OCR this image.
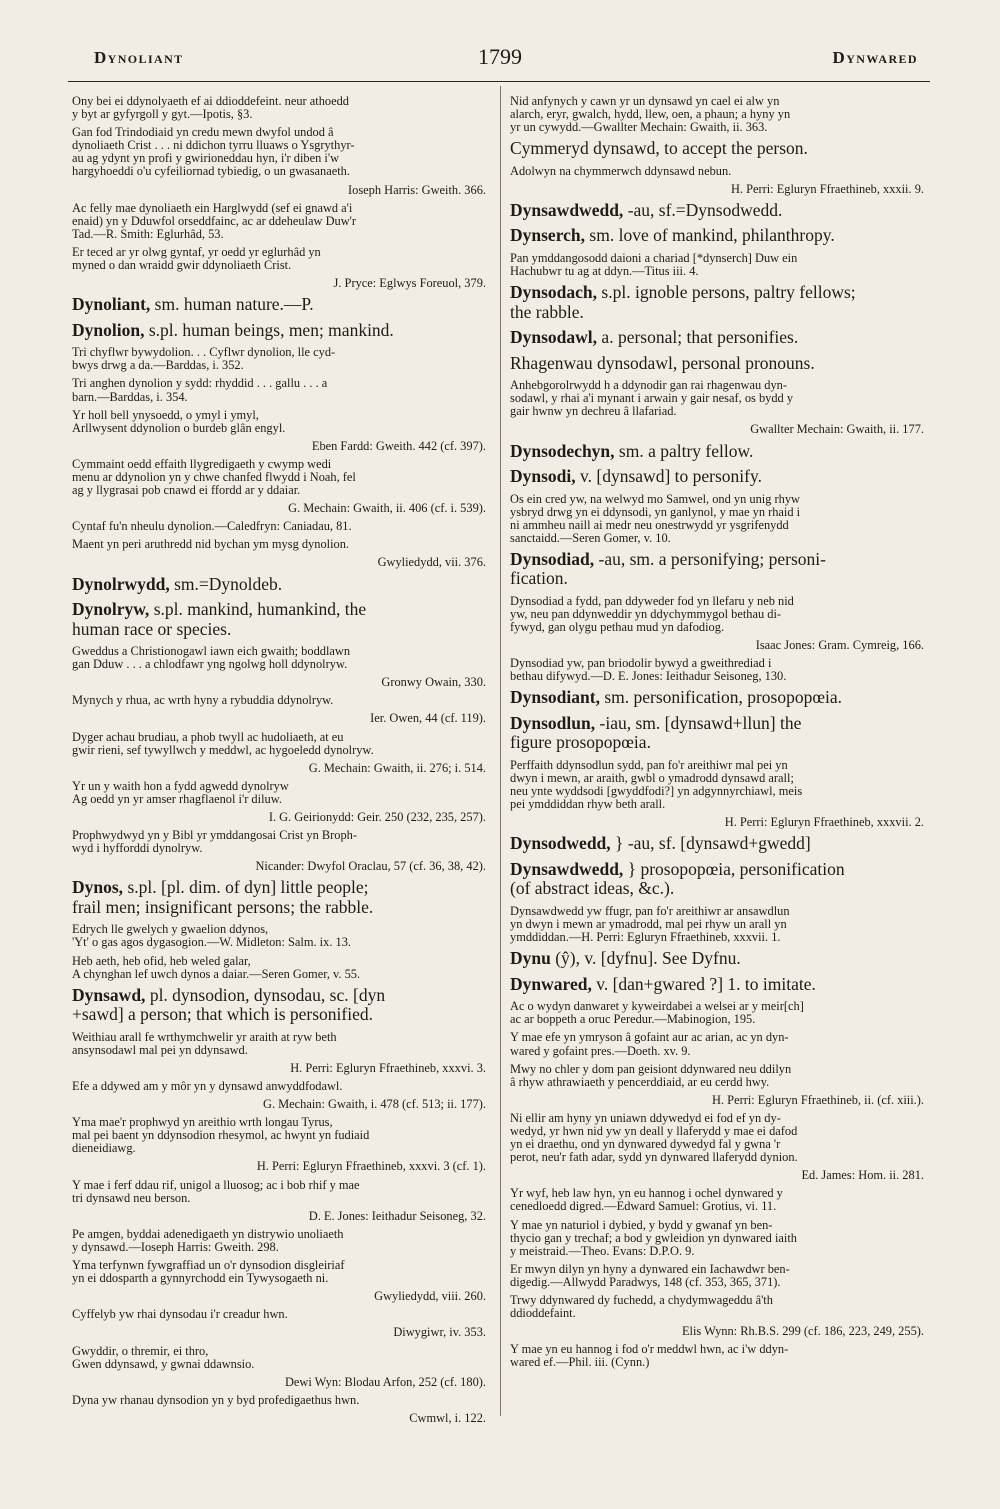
Dynoliant	1799	Dynwared

Ony bei ei ddynolyaeth ef ai ddioddefeint. neur athoedd
y byt ar gyfyrgoll y gyt.—Ipotis, §3.

Gan fod Trindodiaid yn credu mewn dwyfol undod â
dynoliaeth Crist . . . ni ddichon tyrru lluaws o Ysgrythyr-
au ag ydynt yn profi y gwirioneddau hyn, i'r diben i'w
hargyhoeddi o'u cyfeiliornad tybiedig, o un gwasanaeth.

Ioseph Harris: Gweith. 366.

Ac felly mae dynoliaeth ein Harglwydd (sef ei gnawd a'i
enaid) yn y Dduwfol orseddfainc, ac ar ddeheulaw Duw'r
Tad.—R. Smith: Eglurhâd, 53.

Er teced ar yr olwg gyntaf, yr oedd yr eglurhâd yn
myned o dan wraidd gwir ddynoliaeth Crist.

J. Pryce: Eglwys Foreuol, 379.

Dynoliant, sm. human nature.—P.

Dynolion, s.pl. human beings, men; mankind.

Tri chyflwr bywydolion. . . Cyflwr dynolion, lle cyd-
bwys drwg a da.—Barddas, i. 352.

Tri anghen dynolion y sydd: rhyddid . . . gallu . . . a
barn.—Barddas, i. 354.

Yr holl bell ynysoedd, o ymyl i ymyl,
Arllwysent ddynolion o burdeb glân engyl.

Eben Fardd: Gweith. 442 (cf. 397).

Cymmaint oedd effaith llygredigaeth y cwymp wedi
menu ar ddynolion yn y chwe chanfed flwydd i Noah, fel
ag y llygrasai pob cnawd ei ffordd ar y ddaiar.

G. Mechain: Gwaith, ii. 406 (cf. i. 539).

Cyntaf fu'n nheulu dynolion.—Caledfryn: Caniadau, 81.

Maent yn peri aruthredd nid bychan ym mysg dynolion.

Gwyliedydd, vii. 376.

Dynolrwydd, sm.=Dynoldeb.

Dynolryw, s.pl. mankind, humankind, the
human race or species.

Gweddus a Christionogawl iawn eich gwaith; boddlawn
gan Dduw . . . a chlodfawr yng ngolwg holl ddynolryw.

Gronwy Owain, 330.

Mynych y rhua, ac wrth hyny a rybuddia ddynolryw.

Ier. Owen, 44 (cf. 119).

Dyger achau brudiau, a phob twyll ac hudoliaeth, at eu
gwir rieni, sef tywyllwch y meddwl, ac hygoeledd dynolryw.

G. Mechain: Gwaith, ii. 276; i. 514.

Yr un y waith hon a fydd agwedd dynolryw
Ag oedd yn yr amser rhagflaenol i'r diluw.

I. G. Geirionydd: Geir. 250 (232, 235, 257).

Prophwydwyd yn y Bibl yr ymddangosai Crist yn Broph-
wyd i hyfforddi dynolryw.

Nicander: Dwyfol Oraclau, 57 (cf. 36, 38, 42).

Dynos, s.pl. [pl. dim. of dyn] little people;
frail men; insignificant persons; the rabble.

Edrych lle gwelych y gwaelion ddynos,
'Yt' o gas agos dygasogion.—W. Midleton: Salm. ix. 13.

Heb aeth, heb ofid, heb weled galar,
A chynghan lef uwch dynos a daiar.—Seren Gomer, v. 55.

Dynsawd, pl. dynsodion, dynsodau, sc. [dyn
+sawd] a person; that which is personified.

Weithiau arall fe wrthymchwelir yr araith at ryw beth
ansynsodawl mal pei yn ddynsawd.

H. Perri: Egluryn Ffraethineb, xxxvi. 3.

Efe a ddywed am y môr yn y dynsawd anwyddfodawl.

G. Mechain: Gwaith, i. 478 (cf. 513; ii. 177).

Yma mae'r prophwyd yn areithio wrth longau Tyrus,
mal pei baent yn ddynsodion rhesymol, ac hwynt yn fudiaid
dieneidiawg.

H. Perri: Egluryn Ffraethineb, xxxvi. 3 (cf. 1).

Y mae i ferf ddau rif, unigol a lluosog; ac i bob rhif y mae
tri dynsawd neu berson.

D. E. Jones: Ieithadur Seisoneg, 32.

Pe amgen, byddai adenedigaeth yn distrywio unoliaeth
y dynsawd.—Ioseph Harris: Gweith. 298.

Yma terfynwn fywgraffiad un o'r dynsodion disgleiriaf
yn ei ddosparth a gynnyrchodd ein Tywysogaeth ni.

Gwyliedydd, viii. 260.

Cyffelyb yw rhai dynsodau i'r creadur hwn.

Diwygiwr, iv. 353.

Gwyddir, o thremir, ei thro,
Gwen ddynsawd, y gwnai ddawnsio.

Dewi Wyn: Blodau Arfon, 252 (cf. 180).

Dyna yw rhanau dynsodion yn y byd profedigaethus hwn.

Cwmwl, i. 122.

Nid anfynych y cawn yr un dynsawd yn cael ei alw yn
alarch, eryr, gwalch, hydd, llew, oen, a phaun; a hyny yn
yr un cywydd.—Gwallter Mechain: Gwaith, ii. 363.

Cymmeryd dynsawd, to accept the person.

Adolwyn na chymmerwch ddynsawd nebun.

H. Perri: Egluryn Ffraethineb, xxxii. 9.

Dynsawdwedd, -au, sf.=Dynsodwedd.

Dynserch, sm. love of mankind, philanthropy.

Pan ymddangosodd daioni a chariad [*dynserch] Duw ein
Hachubwr tu ag at ddyn.—Titus iii. 4.

Dynsodach, s.pl. ignoble persons, paltry fellows;
the rabble.

Dynsodawl, a. personal; that personifies.

Rhagenwau dynsodawl, personal pronouns.

Anhebgorolrwydd h a ddynodir gan rai rhagenwau dyn-
sodawl, y rhai a'i mynant i arwain y gair nesaf, os bydd y
gair hwnw yn dechreu â llafariad.

Gwallter Mechain: Gwaith, ii. 177.

Dynsodechyn, sm. a paltry fellow.

Dynsodi, v. [dynsawd] to personify.

Os ein cred yw, na welwyd mo Samwel, ond yn unig rhyw
ysbryd drwg yn ei ddynsodi, yn ganlynol, y mae yn rhaid i
ni ammheu naill ai medr neu onestrwydd yr ysgrifenydd
sanctaidd.—Seren Gomer, v. 10.

Dynsodiad, -au, sm. a personifying; personi-
fication.

Dynsodiad a fydd, pan ddyweder fod yn llefaru y neb nid
yw, neu pan ddynweddir yn ddychymmygol bethau di-
fywyd, gan olygu pethau mud yn dafodiog.

Isaac Jones: Gram. Cymreig, 166.

Dynsodiad yw, pan briodolir bywyd a gweithrediad i
bethau difywyd.—D. E. Jones: Ieithadur Seisoneg, 130.

Dynsodiant, sm. personification, prosopopœia.

Dynsodlun, -iau, sm. [dynsawd+llun] the
figure prosopopœia.

Perffaith ddynsodlun sydd, pan fo'r areithiwr mal pei yn
dwyn i mewn, ar araith, gwbl o ymadrodd dynsawd arall;
neu ynte wyddsodi [gwyddfodi?] yn adgynnyrchiawl, meis
pei ymddiddan rhyw beth arall.

H. Perri: Egluryn Ffraethineb, xxxvii. 2.

Dynsodwedd, } -au, sf. [dynsawd+gwedd]

Dynsawdwedd, } prosopopœia, personification
(of abstract ideas, &c.).

Dynsawdwedd yw ffugr, pan fo'r areithiwr ar ansawdlun
yn dwyn i mewn ar ymadrodd, mal pei rhyw un arall yn
ymddiddan.—H. Perri: Egluryn Ffraethineb, xxxvii. 1.

Dynu (ŷ), v. [dyfnu]. See Dyfnu.

Dynwared, v. [dan+gwared ?] 1. to imitate.

Ac o wydyn danwaret y kyweirdabei a welsei ar y meir[ch]
ac ar boppeth a oruc Peredur.—Mabinogion, 195.

Y mae efe yn ymryson â gofaint aur ac arian, ac yn dyn-
wared y gofaint pres.—Doeth. xv. 9.

Mwy no chler y dom pan geisiont ddynwared neu ddilyn
â rhyw athrawiaeth y pencerddiaid, ar eu cerdd hwy.

H. Perri: Egluryn Ffraethineb, ii. (cf. xiii.).

Ni ellir am hyny yn uniawn ddywedyd ei fod ef yn dy-
wedyd, yr hwn nid yw yn deall y llaferydd y mae ei dafod
yn ei draethu, ond yn dynwared dywedyd fal y gwna 'r
perot, neu'r fath adar, sydd yn dynwared llaferydd dynion.

Ed. James: Hom. ii. 281.

Yr wyf, heb law hyn, yn eu hannog i ochel dynwared y
cenedloedd digred.—Edward Samuel: Grotius, vi. 11.

Y mae yn naturiol i dybied, y bydd y gwanaf yn ben-
thycio gan y trechaf; a bod y gwleidion yn dynwared iaith
y meistraid.—Theo. Evans: D.P.O. 9.

Er mwyn dilyn yn hyny a dynwared ein Iachawdwr ben-
digedig.—Allwydd Paradwys, 148 (cf. 353, 365, 371).

Trwy ddynwared dy fuchedd, a chydymwageddu â'th
ddioddefaint.

Elis Wynn: Rh.B.S. 299 (cf. 186, 223, 249, 255).

Y mae yn eu hannog i fod o'r meddwl hwn, ac i'w ddyn-
wared ef.—Phil. iii. (Cynn.)
